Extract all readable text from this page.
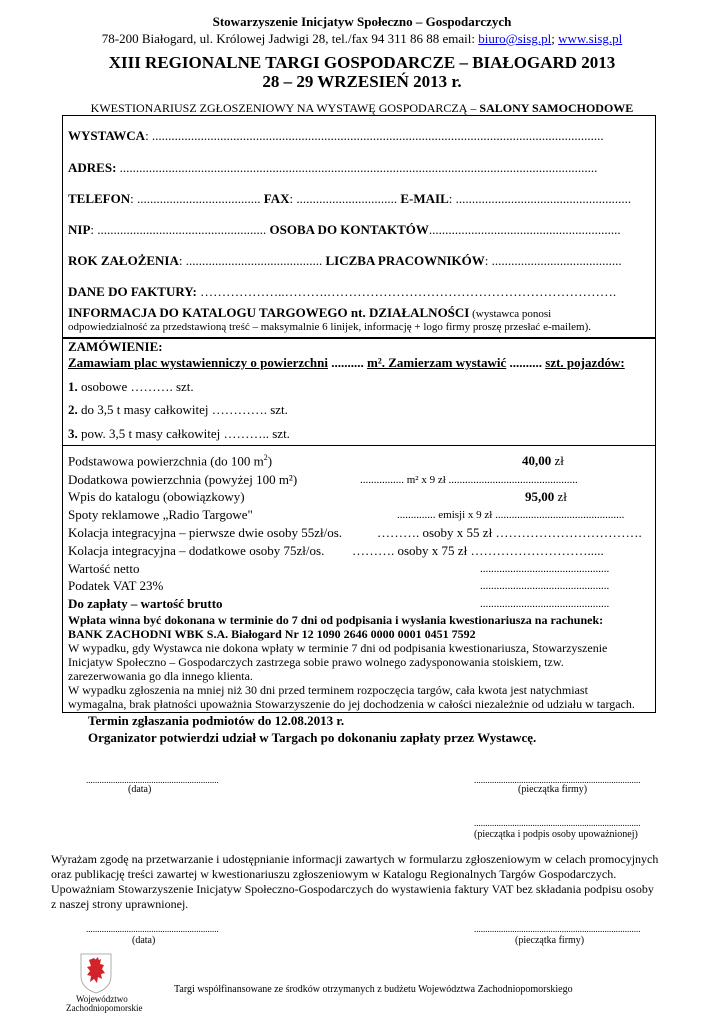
Stowarzyszenie Inicjatyw Społeczno – Gospodarczych
78-200 Białogard, ul. Królowej Jadwigi 28, tel./fax 94 311 86 88 email: biuro@sisg.pl; www.sisg.pl
XIII REGIONALNE TARGI GOSPODARCZE – BIAŁOGARD 2013
28 – 29 WRZESIEŃ 2013 r.
KWESTIONARIUSZ ZGŁOSZENIOWY NA WYSTAWĘ GOSPODARCZĄ – SALONY SAMOCHODOWE
WYSTAWCA: ...........................................................................................................................................
ADRES: ...................................................................................................................................................
TELEFON: ...................................... FAX: ............................... E-MAIL: ......................................................
NIP: .................................................... OSOBA DO KONTAKTÓW...........................................................
ROK ZAŁOŻENIA: .......................................... LICZBA PRACOWNIKÓW: ........................................
DANE DO FAKTURY: ………………..……….………………………………………………………….
INFORMACJA DO KATALOGU TARGOWEGO nt. DZIAŁALNOŚCI (wystawca ponosi
odpowiedzialność za przedstawioną treść – maksymalnie 6 linijek, informację + logo firmy proszę przesłać e-mailem).
ZAMÓWIENIE:
Zamawiam plac wystawienniczy o powierzchni .......... m². Zamierzam wystawić .......... szt. pojazdów:
1. osobowe ………. szt.
2. do 3,5 t masy całkowitej …………. szt.
3. pow. 3,5 t masy całkowitej ……….. szt.
Podstawowa powierzchnia (do 100 $m^2$)	40,00 zł
Dodatkowa powierzchnia (powyżej 100 m²)	................ m² x 9 zł ...............................................
Wpis do katalogu (obowiązkowy)	95,00 zł
Spoty reklamowe „Radio Targowe"	.............. emisji x 9 zł ...............................................
Kolacja integracyjna – pierwsze dwie osoby 55zł/os.	………. osoby x 55 zł …………………………….
Kolacja integracyjna – dodatkowe osoby 75zł/os. ………. osoby x 75 zł ……………………….....
Wartość netto	...............................................
Podatek VAT 23%	...............................................
Do zapłaty – wartość brutto	...............................................
Wpłata winna być dokonana w terminie do 7 dni od podpisania i wysłania kwestionariusza na rachunek:
BANK ZACHODNI WBK S.A. Białogard Nr 12 1090 2646 0000 0001 0451 7592
W wypadku, gdy Wystawca nie dokona wpłaty w terminie 7 dni od podpisania kwestionariusza, Stowarzyszenie
Inicjatyw Społeczno – Gospodarczych zastrzega sobie prawo wolnego zadysponowania stoiskiem, tzw.
zarezerwowania go dla innego klienta.
W wypadku zgłoszenia na mniej niż 30 dni przed terminem rozpoczęcia targów, cała kwota jest natychmiast
wymagalna, brak płatności upoważnia Stowarzyszenie do jej dochodzenia w całości niezależnie od udziału w targach.
Termin zgłaszania podmiotów do 12.08.2013 r.
Organizator potwierdzi udział w Targach po dokonaniu zapłaty przez Wystawcę.
...........................................................
(data)
..........................................................................
(pieczątka firmy)
..........................................................................
(pieczątka i podpis osoby upoważnionej)
Wyrażam zgodę na przetwarzanie i udostępnianie informacji zawartych w formularzu zgłoszeniowym w celach promocyjnych
oraz publikację treści zawartej w kwestionariuszu zgłoszeniowym w Katalogu Regionalnych Targów Gospodarczych.
Upoważniam Stowarzyszenie Inicjatyw Społeczno-Gospodarczych do wystawienia faktury VAT bez składania podpisu osoby
z naszej strony uprawnionej.
...........................................................
(data)
..........................................................................
(pieczątka firmy)
Województwo
Zachodniopomorskie
Targi współfinansowane ze środków otrzymanych z budżetu Województwa Zachodniopomorskiego
